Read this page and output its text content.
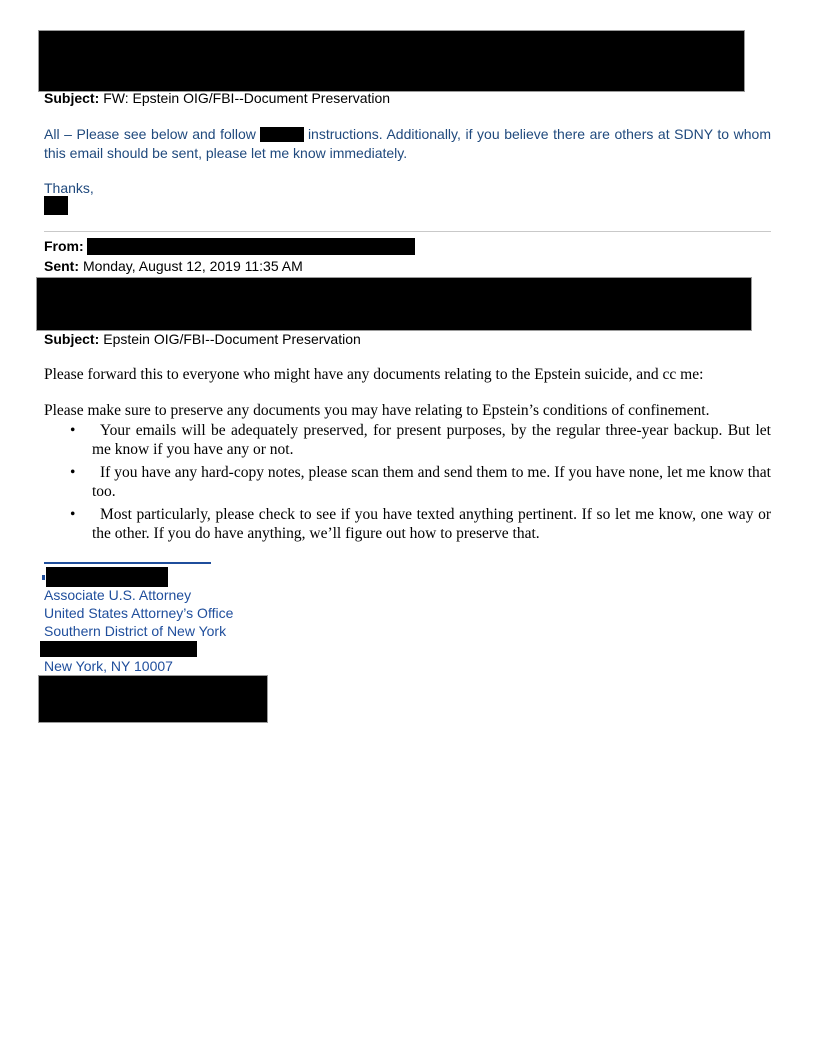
Subject: FW: Epstein OIG/FBI--Document Preservation
All – Please see below and follow	instructions. Additionally, if you believe there are others at SDNY to whom this email should be sent, please let me know immediately.
Thanks,
From:
Sent: Monday, August 12, 2019 11:35 AM
Subject: Epstein OIG/FBI--Document Preservation
Please forward this to everyone who might have any documents relating to the Epstein suicide, and cc me:
Please make sure to preserve any documents you may have relating to Epstein’s conditions of confinement.
• Your emails will be adequately preserved, for present purposes, by the regular three-year backup. But let me know if you have any or not.
• If you have any hard-copy notes, please scan them and send them to me. If you have none, let me know that too.
• Most particularly, please check to see if you have texted anything pertinent. If so let me know, one way or the other. If you do have anything, we’ll figure out how to preserve that.
Associate U.S. Attorney
United States Attorney’s Office
Southern District of New York
New York, NY 10007
